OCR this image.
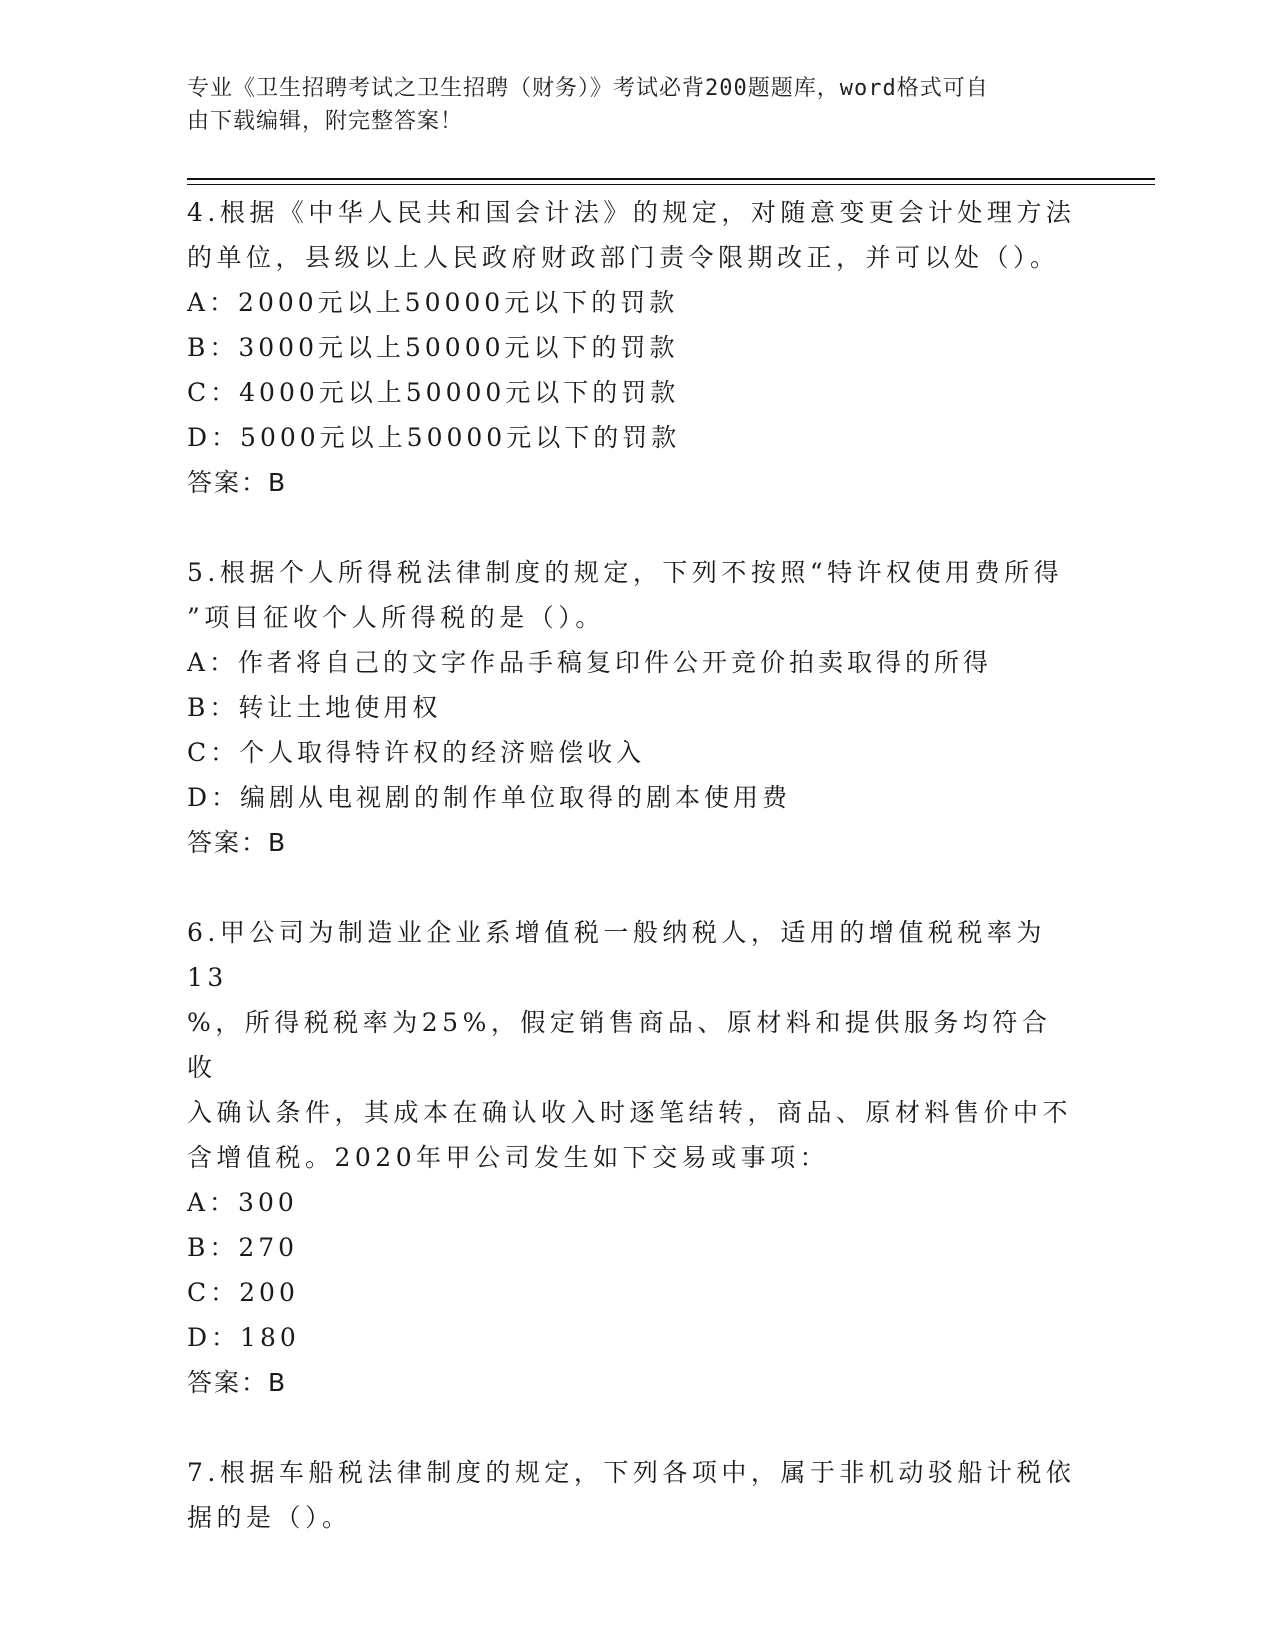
专业《卫生招聘考试之卫生招聘（财务）》考试必背200题题库，word格式可自
由下载编辑，附完整答案！
4.根据《中华人民共和国会计法》的规定，对随意变更会计处理方法
的单位，县级以上人民政府财政部门责令限期改正，并可以处（）。
A：2000元以上50000元以下的罚款
B：3000元以上50000元以下的罚款
C：4000元以上50000元以下的罚款
D：5000元以上50000元以下的罚款
答案：B
5.根据个人所得税法律制度的规定，下列不按照“特许权使用费所得
”项目征收个人所得税的是（）。
A：作者将自己的文字作品手稿复印件公开竞价拍卖取得的所得
B：转让土地使用权
C：个人取得特许权的经济赔偿收入
D：编剧从电视剧的制作单位取得的剧本使用费
答案：B
6.甲公司为制造业企业系增值税一般纳税人，适用的增值税税率为13
%，所得税税率为25%，假定销售商品、原材料和提供服务均符合收
入确认条件，其成本在确认收入时逐笔结转，商品、原材料售价中不
含增值税。2020年甲公司发生如下交易或事项：
A：300
B：270
C：200
D：180
答案：B
7.根据车船税法律制度的规定，下列各项中，属于非机动驳船计税依
据的是（）。
